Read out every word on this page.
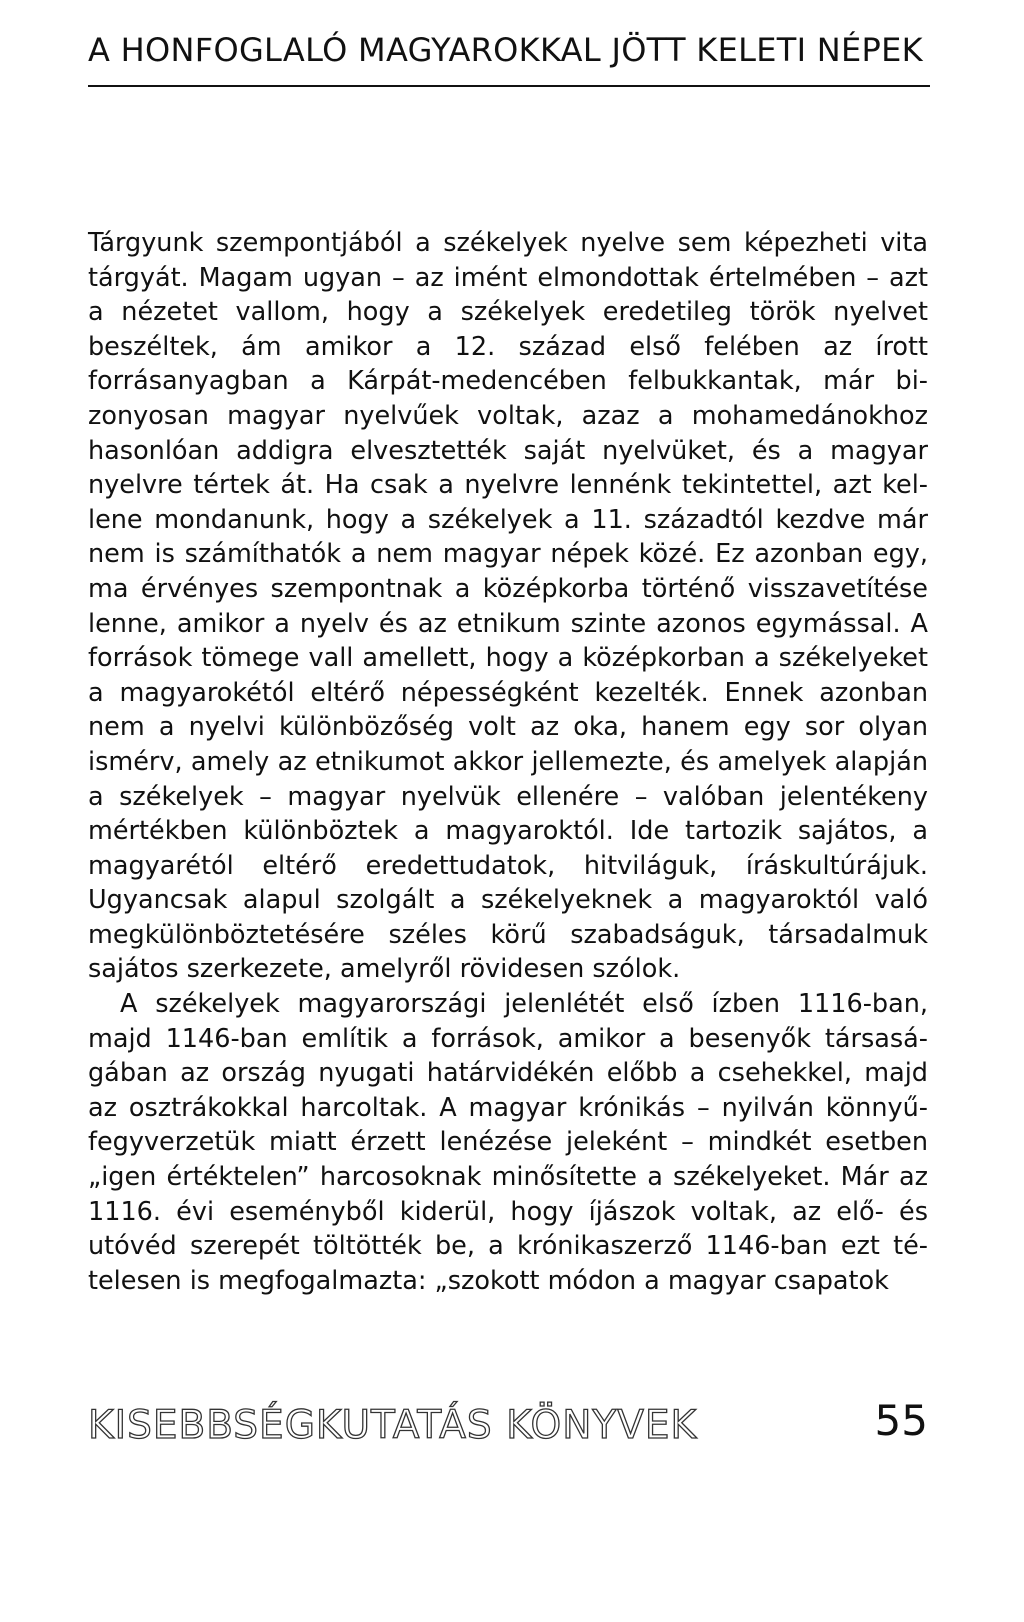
A HONFOGLALÓ MAGYAROKKAL JÖTT KELETI NÉPEK

Tárgyunk szempontjából a székelyek nyelve sem képezheti vita tárgyát. Magam ugyan – az imént elmondottak értelmében – azt a nézetet vallom, hogy a székelyek eredetileg török nyelvet beszéltek, ám amikor a 12. század első felében az írott forrásanyagban a Kárpát-medencében felbukkantak, már bizonyosan magyar nyelvűek voltak, azaz a mohamedánokhoz hasonlóan addigra elvesztették saját nyelvüket, és a magyar nyelvre tértek át. Ha csak a nyelvre lennénk tekintettel, azt kellene mondanunk, hogy a székelyek a 11. századtól kezdve már nem is számíthatók a nem magyar népek közé. Ez azonban egy, ma érvényes szempontnak a középkorba történő visszavetítése lenne, amikor a nyelv és az etnikum szinte azonos egymással. A források tömege vall amellett, hogy a középkorban a székelyeket a magyarokétól eltérő népességként kezelték. Ennek azonban nem a nyelvi különbözőség volt az oka, hanem egy sor olyan ismérv, amely az etnikumot akkor jellemezte, és amelyek alapján a székelyek – magyar nyelvük ellenére – valóban jelentékeny mértékben különböztek a magyaroktól. Ide tartozik sajátos, a magyarétól eltérő eredettudatok, hitviláguk, íráskultúrájuk. Ugyancsak alapul szolgált a székelyeknek a magyaroktól való megkülönböztetésére széles körű szabadságuk, társadalmuk sajátos szerkezete, amelyről rövidesen szólok.

A székelyek magyarországi jelenlétét első ízben 1116-ban, majd 1146-ban említik a források, amikor a besenyők társaságában az ország nyugati határvidékén előbb a csehekkel, majd az osztrákokkal harcoltak. A magyar krónikás – nyilván könnyűfegyverzetük miatt érzett lenézése jeleként – mindkét esetben „igen értéktelen” harcosoknak minősítette a székelyeket. Már az 1116. évi eseményből kiderül, hogy íjászok voltak, az elő- és utóvéd szerepét töltötték be, a krónikaszerző 1146-ban ezt tételesen is megfogalmazta: „szokott módon a magyar csapatok

KISEBBSÉGKUTATÁS KÖNYVEK	55
